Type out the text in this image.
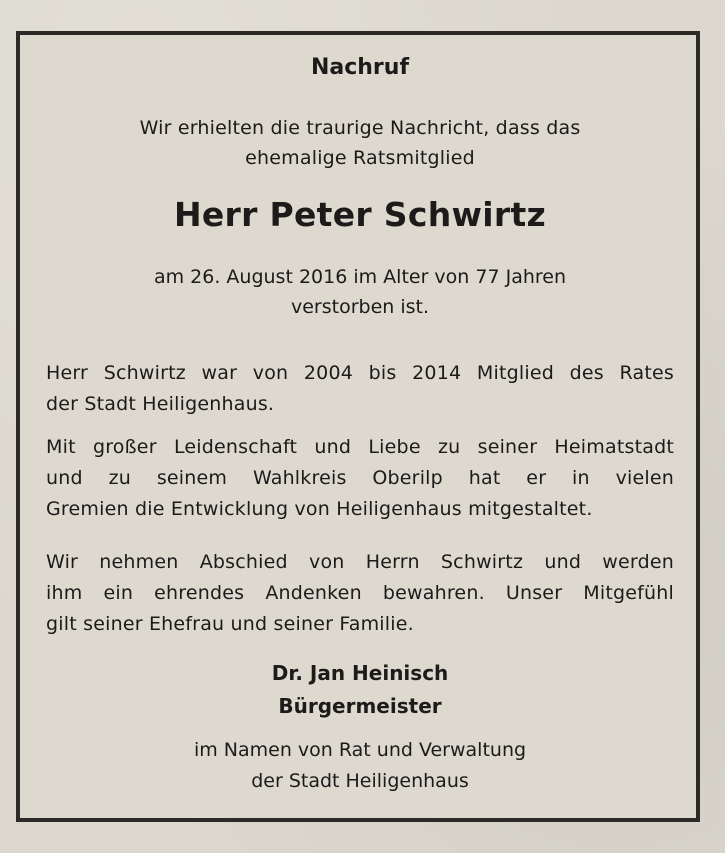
Nachruf
Wir erhielten die traurige Nachricht, dass das
ehemalige Ratsmitglied
Herr Peter Schwirtz
am 26. August 2016 im Alter von 77 Jahren
verstorben ist.
Herr Schwirtz war von 2004 bis 2014 Mitglied des Rates
der Stadt Heiligenhaus.
Mit großer Leidenschaft und Liebe zu seiner Heimatstadt
und zu seinem Wahlkreis Oberilp hat er in vielen
Gremien die Entwicklung von Heiligenhaus mitgestaltet.
Wir nehmen Abschied von Herrn Schwirtz und werden
ihm ein ehrendes Andenken bewahren. Unser Mitgefühl
gilt seiner Ehefrau und seiner Familie.
Dr. Jan Heinisch
Bürgermeister
im Namen von Rat und Verwaltung
der Stadt Heiligenhaus
